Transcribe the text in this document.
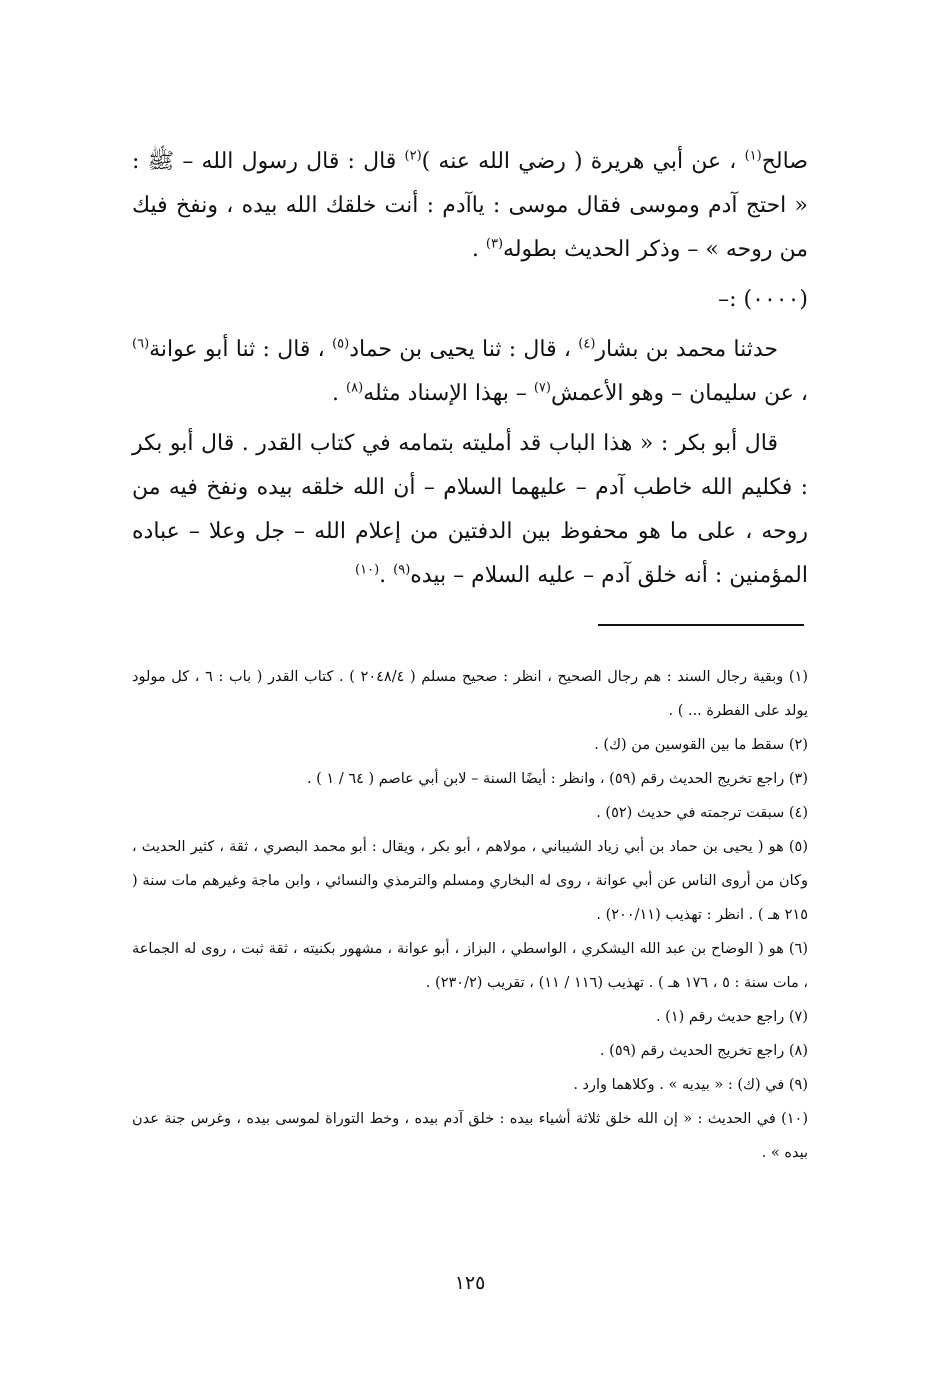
صالح$^{(١)}$ ، عن أبي هريرة ( رضي الله عنه )$^{(٢)}$ قال : قال رسول الله – ﷺ : « احتج آدم وموسى فقال موسى : ياآدم : أنت خلقك الله بيده ، ونفخ فيك من روحه » – وذكر الحديث بطوله$^{(٣)}$ .

(٠٠٠٠) :–

حدثنا محمد بن بشار$^{(٤)}$ ، قال : ثنا يحيى بن حماد$^{(٥)}$ ، قال : ثنا أبو عوانة$^{(٦)}$ ، عن سليمان – وهو الأعمش$^{(٧)}$ – بهذا الإسناد مثله$^{(٨)}$ .

قال أبو بكر : « هذا الباب قد أمليته بتمامه في كتاب القدر . قال أبو بكر : فكليم الله خاطب آدم – عليهما السلام – أن الله خلقه بيده ونفخ فيه من روحه ، على ما هو محفوظ بين الدفتين من إعلام الله – جل وعلا – عباده المؤمنين : أنه خلق آدم – عليه السلام – بيده$^{(٩)}$ .$^{(١٠)}$

(١) وبقية رجال السند : هم رجال الصحيح ، انظر : صحيح مسلم ( ٢٠٤٨/٤ ) . كتاب القدر ( باب : ٦ ، كل مولود يولد على الفطرة ... ) .

(٢) سقط ما بين القوسين من (ك) .

(٣) راجع تخريج الحديث رقم (٥٩) ، وانظر : أيضًا السنة – لابن أبي عاصم ( ٦٤ / ١ ) .

(٤) سبقت ترجمته في حديث (٥٢) .

(٥) هو ( يحيى بن حماد بن أبي زياد الشيباني ، مولاهم ، أبو بكر ، ويقال : أبو محمد البصري ، ثقة ، كثير الحديث ، وكان من أروى الناس عن أبي عوانة ، روى له البخاري ومسلم والترمذي والنسائي ، وابن ماجة وغيرهم مات سنة ( ٢١٥ هـ ) . انظر : تهذيب (٢٠٠/١١) .

(٦) هو ( الوضاح بن عبد الله اليشكري ، الواسطي ، البزاز ، أبو عوانة ، مشهور بكنيته ، ثقة ثبت ، روى له الجماعة ، مات سنة : ٥ ، ١٧٦ هـ ) . تهذيب (١١٦ / ١١) ، تقريب (٢٣٠/٢) .

(٧) راجع حديث رقم (١) .

(٨) راجع تخريج الحديث رقم (٥٩) .

(٩) في (ك) : « بيديه » . وكلاهما وارد .

(١٠) في الحديث : « إن الله خلق ثلاثة أشياء بيده : خلق آدم بيده ، وخط التوراة لموسى بيده ، وغرس جنة عدن بيده » .

١٢٥
